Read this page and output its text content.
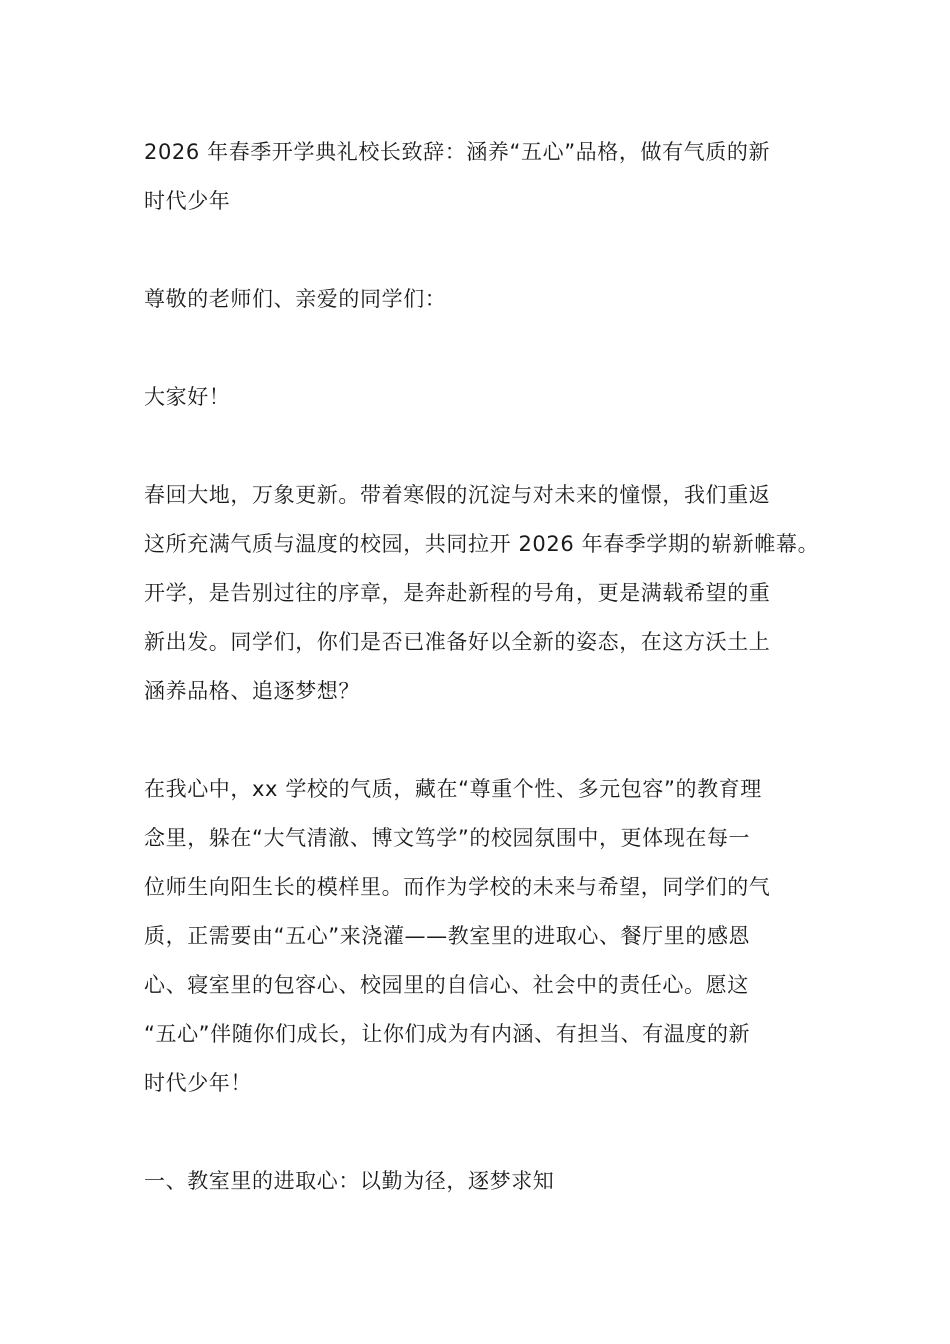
2026 年春季开学典礼校长致辞：涵养“五心”品格，做有气质的新
时代少年

尊敬的老师们、亲爱的同学们：

大家好！

春回大地，万象更新。带着寒假的沉淀与对未来的憧憬，我们重返
这所充满气质与温度的校园，共同拉开 2026 年春季学期的崭新帷幕。
开学，是告别过往的序章，是奔赴新程的号角，更是满载希望的重
新出发。同学们，你们是否已准备好以全新的姿态，在这方沃土上
涵养品格、追逐梦想？

在我心中，xx 学校的气质，藏在“尊重个性、多元包容”的教育理
念里，躲在“大气清澈、博文笃学”的校园氛围中，更体现在每一
位师生向阳生长的模样里。而作为学校的未来与希望，同学们的气
质，正需要由“五心”来浇灌——教室里的进取心、餐厅里的感恩
心、寝室里的包容心、校园里的自信心、社会中的责任心。愿这
“五心”伴随你们成长，让你们成为有内涵、有担当、有温度的新
时代少年！

一、教室里的进取心：以勤为径，逐梦求知
